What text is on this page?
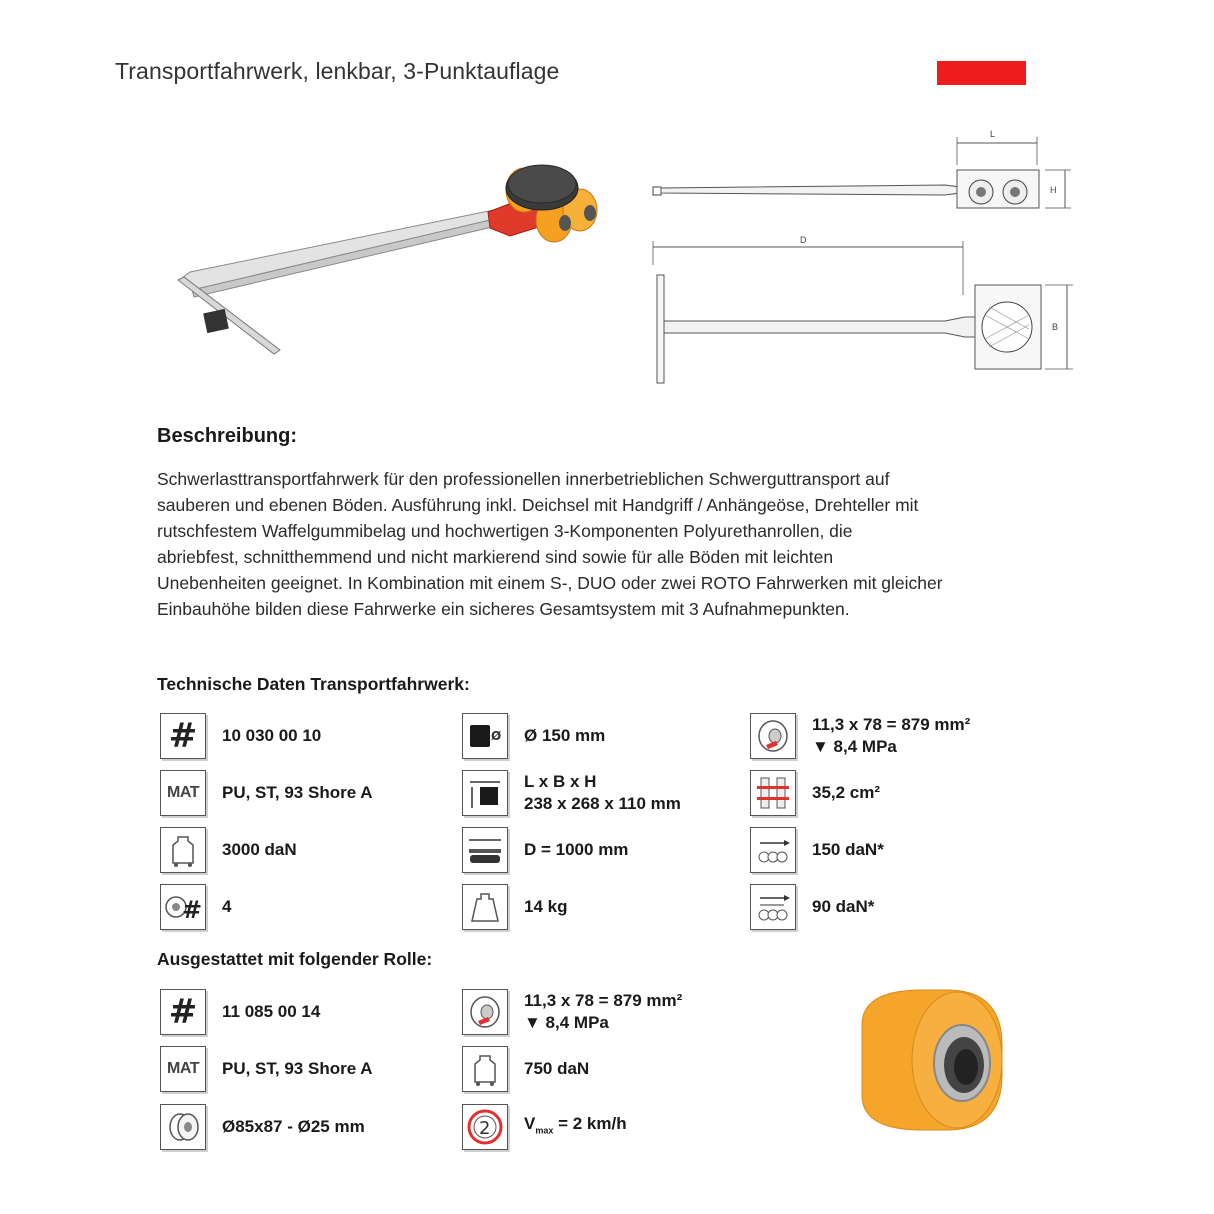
Transportfahrwerk, lenkbar, 3-Punktauflage
L
H
D
B
Beschreibung:

Schwerlasttransportfahrwerk für den professionellen innerbetrieblichen Schwerguttransport auf
sauberen und ebenen Böden. Ausführung inkl. Deichsel mit Handgriff / Anhängeöse, Drehteller mit
rutschfestem Waffelgummibelag und hochwertigen 3-Komponenten Polyurethanrollen, die
abriebfest, schnitthemmend und nicht markierend sind sowie für alle Böden mit leichten
Unebenheiten geeignet. In Kombination mit einem S-, DUO oder zwei ROTO Fahrwerken mit gleicher
Einbauhöhe bilden diese Fahrwerke ein sicheres Gesamtsystem mit 3 Aufnahmepunkten.

Technische Daten Transportfahrwerk:
# 10 030 00 10
MAT PU, ST, 93 Shore A
3000 daN
# 4
Ø Ø 150 mm
L x B x H
238 x 268 x 110 mm
D = 1000 mm
14 kg
11,3 x 78 = 879 mm²
▼ 8,4 MPa
35,2 cm²
150 daN*
90 daN*
Ausgestattet mit folgender Rolle:
# 11 085 00 14
MAT PU, ST, 93 Shore A
Ø85x87 - Ø25 mm
11,3 x 78 = 879 mm²
▼ 8,4 MPa
750 daN
2 $V_{max} = 2$ km/h
